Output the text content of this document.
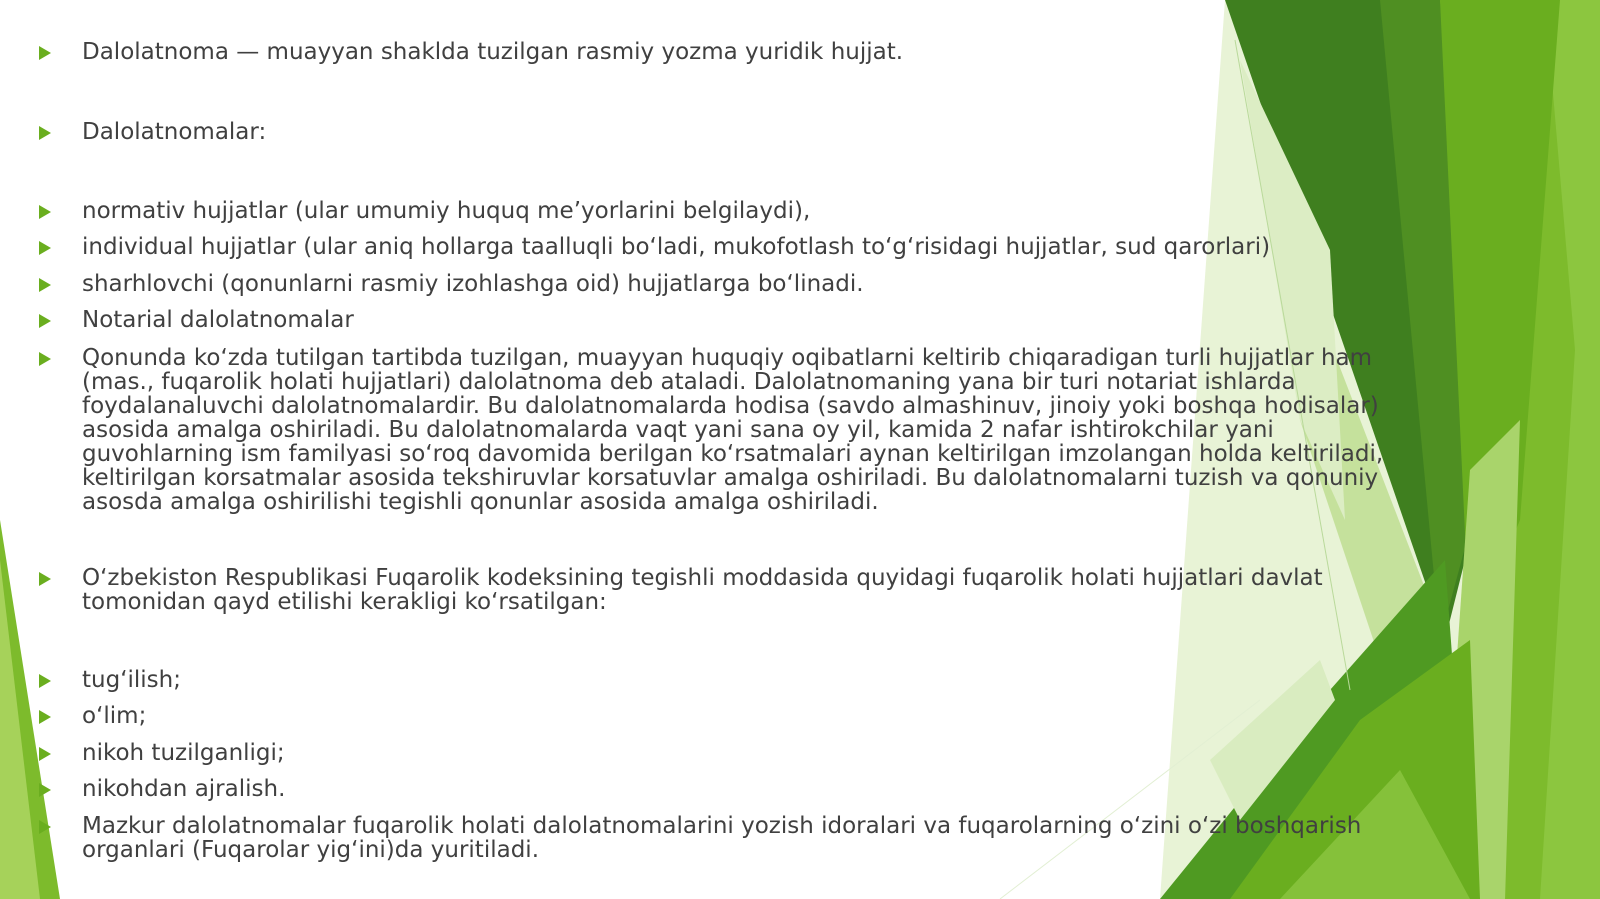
Dalolatnoma — muayyan shaklda tuzilgan rasmiy yozma yuridik hujjat.
Dalolatnomalar:
normativ hujjatlar (ular umumiy huquq me’yorlarini belgilaydi),
individual hujjatlar (ular aniq hollarga taalluqli bo‘ladi, mukofotlash to‘g‘risidagi hujjatlar, sud qarorlari)
sharhlovchi (qonunlarni rasmiy izohlashga oid) hujjatlarga bo‘linadi.
Notarial dalolatnomalar
Qonunda ko‘zda tutilgan tartibda tuzilgan, muayyan huquqiy oqibatlarni keltirib chiqaradigan turli hujjatlar ham (mas., fuqarolik holati hujjatlari) dalolatnoma deb ataladi. Dalolatnomaning yana bir turi notariat ishlarda foydalanaluvchi dalolatnomalardir. Bu dalolatnomalarda hodisa (savdo almashinuv, jinoiy yoki boshqa hodisalar) asosida amalga oshiriladi. Bu dalolatnomalarda vaqt yani sana oy yil, kamida 2 nafar ishtirokchilar yani guvohlarning ism familyasi so‘roq davomida berilgan ko‘rsatmalari aynan keltirilgan imzolangan holda keltiriladi, keltirilgan korsatmalar asosida tekshiruvlar korsatuvlar amalga oshiriladi. Bu dalolatnomalarni tuzish va qonuniy asosda amalga oshirilishi tegishli qonunlar asosida amalga oshiriladi.
O‘zbekiston Respublikasi Fuqarolik kodeksining tegishli moddasida quyidagi fuqarolik holati hujjatlari davlat tomonidan qayd etilishi kerakligi ko‘rsatilgan:
tug‘ilish;
o‘lim;
nikoh tuzilganligi;
nikohdan ajralish.
Mazkur dalolatnomalar fuqarolik holati dalolatnomalarini yozish idoralari va fuqarolarning o‘zini o‘zi boshqarish organlari (Fuqarolar yig‘ini)da yuritiladi.
